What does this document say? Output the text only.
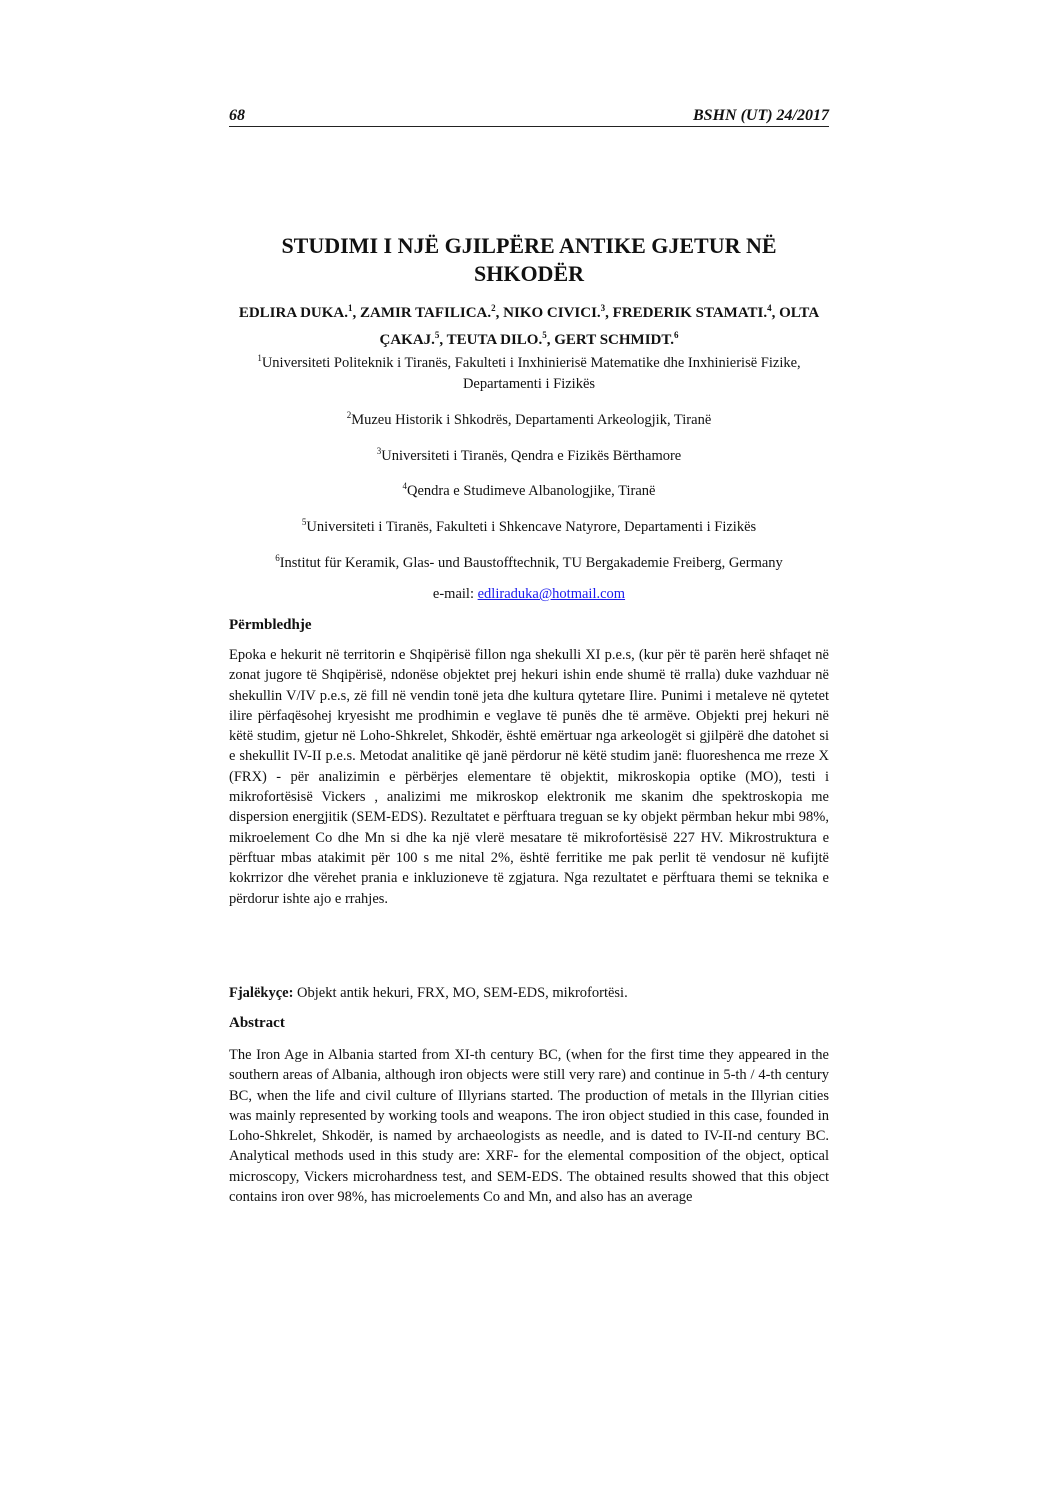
68	BSHN (UT) 24/2017
STUDIMI I NJË GJILPËRE ANTIKE GJETUR NË SHKODËR
EDLIRA DUKA.$^1$, ZAMIR TAFILICA.$^2$, NIKO CIVICI.$^3$, FREDERIK STAMATI.$^4$, OLTA ÇAKAJ.$^5$, TEUTA DILO.$^5$, GERT SCHMIDT.$^6$
$^1$Universiteti Politeknik i Tiranës, Fakulteti i Inxhinierisë Matematike dhe Inxhinierisë Fizike, Departamenti i Fizikës
$^2$Muzeu Historik i Shkodrës, Departamenti Arkeologjik, Tiranë
$^3$Universiteti i Tiranës, Qendra e Fizikës Bërthamore
$^4$Qendra e Studimeve Albanologjike, Tiranë
$^5$Universiteti i Tiranës, Fakulteti i Shkencave Natyrore, Departamenti i Fizikës
$^6$Institut für Keramik, Glas- und Baustofftechnik, TU Bergakademie Freiberg, Germany
e-mail: edliraduka@hotmail.com
Përmbledhje

Epoka e hekurit në territorin e Shqipërisë fillon nga shekulli XI p.e.s, (kur për të parën herë shfaqet në zonat jugore të Shqipërisë, ndonëse objektet prej hekuri ishin ende shumë të rralla) duke vazhduar në shekullin V/IV p.e.s, zë fill në vendin tonë jeta dhe kultura qytetare Ilire. Punimi i metaleve në qytetet ilire përfaqësohej kryesisht me prodhimin e veglave të punës dhe të armëve. Objekti prej hekuri në këtë studim, gjetur në Loho-Shkrelet, Shkodër, është emërtuar nga arkeologët si gjilpërë dhe datohet si e shekullit IV-II p.e.s. Metodat analitike që janë përdorur në këtë studim janë: fluoreshenca me rreze X (FRX) - për analizimin e përbërjes elementare të objektit, mikroskopia optike (MO), testi i mikrofortësisë Vickers , analizimi me mikroskop elektronik me skanim dhe spektroskopia me dispersion energjitik (SEM-EDS). Rezultatet e përftuara treguan se ky objekt përmban hekur mbi 98%, mikroelement Co dhe Mn si dhe ka një vlerë mesatare të mikrofortësisë 227 HV. Mikrostruktura e përftuar mbas atakimit për 100 s me nital 2%, është ferritike me pak perlit të vendosur në kufijtë kokrrizor dhe vërehet prania e inkluzioneve të zgjatura. Nga rezultatet e përftuara themi se teknika e përdorur ishte ajo e rrahjes.

Fjalëkyçe: Objekt antik hekuri, FRX, MO, SEM-EDS, mikrofortësi.
Abstract

The Iron Age in Albania started from XI-th century BC, (when for the first time they appeared in the southern areas of Albania, although iron objects were still very rare) and continue in 5-th / 4-th century BC, when the life and civil culture of Illyrians started. The production of metals in the Illyrian cities was mainly represented by working tools and weapons. The iron object studied in this case, founded in Loho-Shkrelet, Shkodër, is named by archaeologists as needle, and is dated to IV-II-nd century BC. Analytical methods used in this study are: XRF- for the elemental composition of the object, optical microscopy, Vickers microhardness test, and SEM-EDS. The obtained results showed that this object contains iron over 98%, has microelements Co and Mn, and also has an average
